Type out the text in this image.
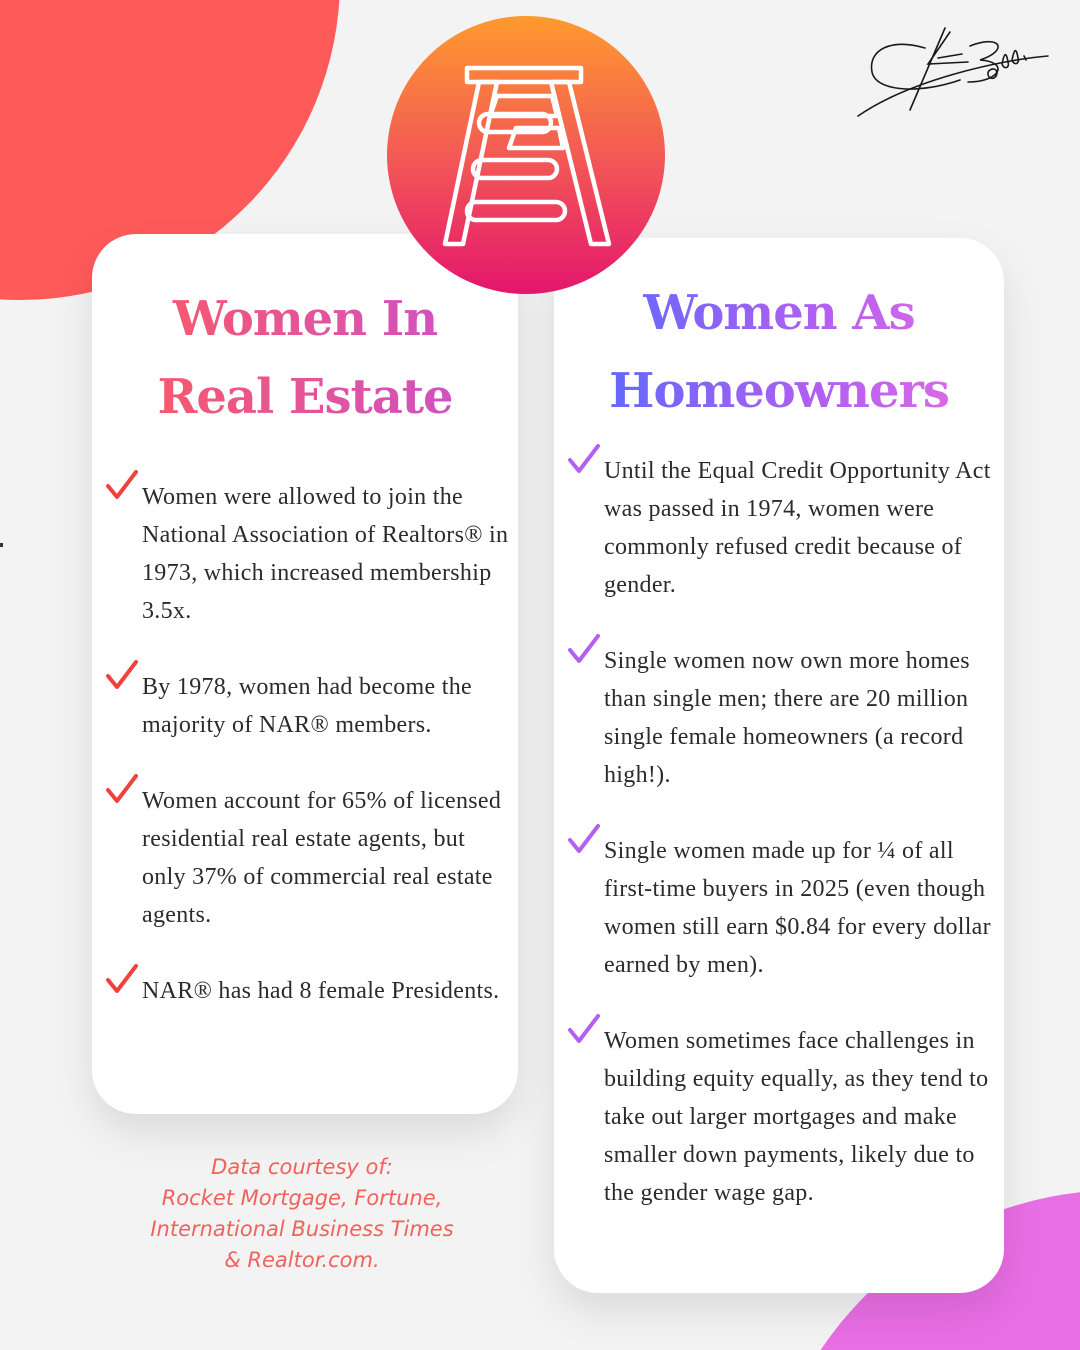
Women In
Real Estate
Women were allowed to join the National Association of Realtors® in 1973, which increased membership 3.5x.
By 1978, women had become the majority of NAR® members.
Women account for 65% of licensed residential real estate agents, but only 37% of commercial real estate agents.
NAR® has had 8 female Presidents.
Women As
Homeowners
Until the Equal Credit Opportunity Act was passed in 1974, women were commonly refused credit because of gender.
Single women now own more homes than single men; there are 20 million single female homeowners (a record high!).
Single women made up for ¼ of all first-time buyers in 2025 (even though women still earn $0.84 for every dollar earned by men).
Women sometimes face challenges in building equity equally, as they tend to take out larger mortgages and make smaller down payments, likely due to the gender wage gap.
Data courtesy of:
Rocket Mortgage, Fortune,
International Business Times
& Realtor.com.
